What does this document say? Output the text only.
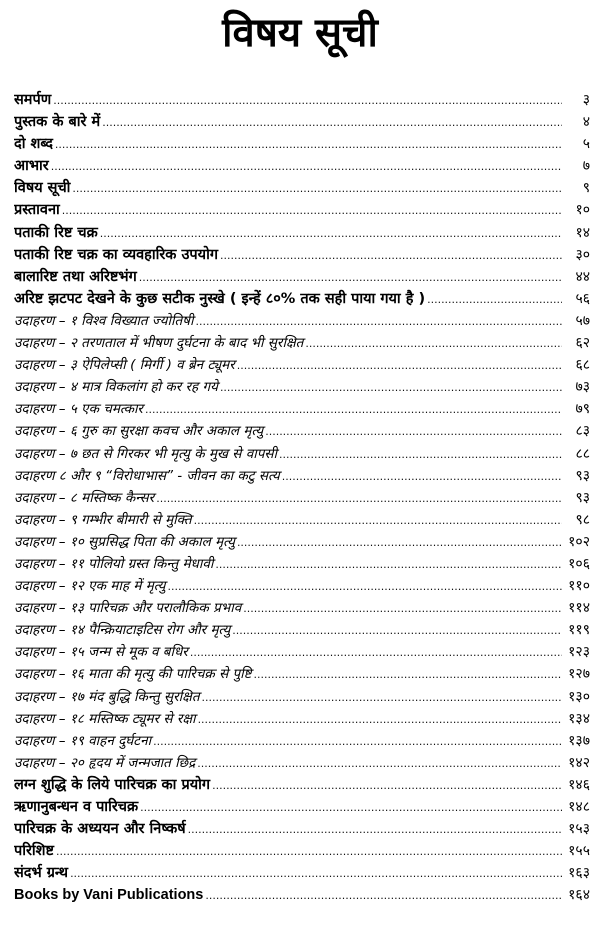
विषय सूची
समर्पण .....	३
पुस्तक के बारे में .....	४
दो शब्द .....	५
आभार .....	७
विषय सूची .....	९
प्रस्तावना .....	१०
पताकी रिष्ट चक्र .....	१४
पताकी रिष्ट चक्र का व्यवहारिक उपयोग .....	३०
बालारिष्ट तथा अरिष्टभंग .....	४४
अरिष्ट झटपट देखने के कुछ सटीक नुस्खे ( इन्हें ८०% तक सही पाया गया है ) .....	५६
उदाहरण – १ विश्व विख्यात ज्योतिषी .....	५७
उदाहरण – २ तरणताल में भीषण दुर्घटना के बाद भी सुरक्षित .....	६२
उदाहरण – ३ ऐपिलेप्सी ( मिर्गी ) व ब्रेन ट्यूमर .....	६८
उदाहरण – ४ मात्र विकलांग हो कर रह गये .....	७३
उदाहरण – ५ एक चमत्कार .....	७९
उदाहरण – ६ गुरु का सुरक्षा कवच और अकाल मृत्यु .....	८३
उदाहरण – ७ छत से गिरकर भी मृत्यु के मुख से वापसी .....	८८
उदाहरण ८ और ९ “विरोधाभास” - जीवन का कटु सत्य .....	९३
उदाहरण – ८ मस्तिष्क कैन्सर .....	९३
उदाहरण – ९ गम्भीर बीमारी से मुक्ति .....	९८
उदाहरण – १० सुप्रसिद्ध पिता की अकाल मृत्यु .....	१०२
उदाहरण – ११ पोलियो ग्रस्त किन्तु मेधावी .....	१०६
उदाहरण – १२ एक माह में मृत्यु .....	११०
उदाहरण – १३ पारिचक्र और परालौकिक प्रभाव .....	११४
उदाहरण – १४ पैन्क्रियाटाइटिस रोग और मृत्यु .....	११९
उदाहरण – १५ जन्म से मूक व बधिर .....	१२३
उदाहरण – १६ माता की मृत्यु की पारिचक्र से पुष्टि .....	१२७
उदाहरण – १७ मंद बुद्धि किन्तु सुरक्षित .....	१३०
उदाहरण – १८ मस्तिष्क ट्यूमर से रक्षा .....	१३४
उदाहरण – १९ वाहन दुर्घटना .....	१३७
उदाहरण – २० हृदय में जन्मजात छिद्र .....	१४२
लग्न शुद्धि के लिये पारिचक्र का प्रयोग .....	१४६
ऋणानुबन्धन व पारिचक्र .....	१४८
पारिचक्र के अध्ययन और निष्कर्ष .....	१५३
परिशिष्ट .....	१५५
संदर्भ ग्रन्थ .....	१६३
Books by Vani Publications .....	१६४
